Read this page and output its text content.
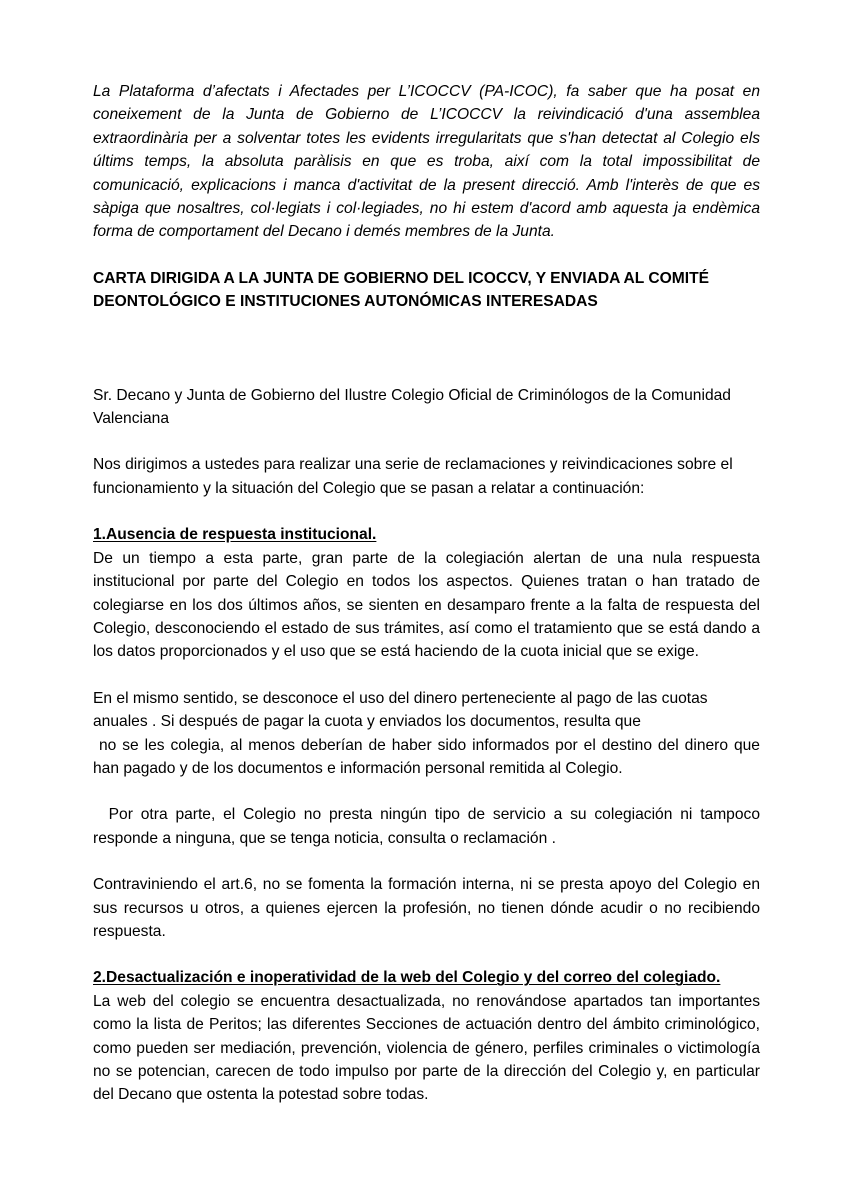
La Plataforma d’afectats i Afectades per L’ICOCCV (PA-ICOC), fa saber que ha posat en coneixement de la Junta de Gobierno de L’ICOCCV la reivindicació d'una assemblea extraordinària per a solventar totes les evidents irregularitats que s'han detectat al Colegio els últims temps, la absoluta paràlisis en que es troba, així com la total impossibilitat de comunicació, explicacions i manca d'activitat de la present direcció. Amb l'interès de que es sàpiga que nosaltres, col·legiats i col·legiades, no hi estem d'acord amb aquesta ja endèmica forma de comportament del Decano i demés membres de la Junta.

CARTA DIRIGIDA A LA JUNTA DE GOBIERNO DEL ICOCCV, Y ENVIADA AL COMITÉ DEONTOLÓGICO E INSTITUCIONES AUTONÓMICAS INTERESADAS

Sr. Decano y Junta de Gobierno del Ilustre Colegio Oficial de Criminólogos de la Comunidad Valenciana

Nos dirigimos a ustedes para realizar una serie de reclamaciones y reivindicaciones sobre el funcionamiento y la situación del Colegio que se pasan a relatar a continuación:

1.Ausencia de respuesta institucional.

De un tiempo a esta parte, gran parte de la colegiación alertan de una nula respuesta institucional por parte del Colegio en todos los aspectos. Quienes tratan o han tratado de colegiarse en los dos últimos años, se sienten en desamparo frente a la falta de respuesta del Colegio, desconociendo el estado de sus trámites, así como el tratamiento que se está dando a los datos proporcionados y el uso que se está haciendo de la cuota inicial que se exige.

En el mismo sentido, se desconoce el uso del dinero perteneciente al pago de las cuotas anuales . Si después de pagar la cuota y enviados los documentos, resulta que
no se les colegia, al menos deberían de haber sido informados por el destino del dinero que han pagado y de los documentos e información personal remitida al Colegio.

Por otra parte, el Colegio no presta ningún tipo de servicio a su colegiación ni tampoco responde a ninguna, que se tenga noticia, consulta o reclamación .

Contraviniendo el art.6, no se fomenta la formación interna, ni se presta apoyo del Colegio en sus recursos u otros, a quienes ejercen la profesión, no tienen dónde acudir o no recibiendo respuesta.

2.Desactualización e inoperatividad de la web del Colegio y del correo del colegiado.

La web del colegio se encuentra desactualizada, no renovándose apartados tan importantes como la lista de Peritos; las diferentes Secciones de actuación dentro del ámbito criminológico, como pueden ser mediación, prevención, violencia de género, perfiles criminales o victimología no se potencian, carecen de todo impulso por parte de la dirección del Colegio y, en particular del Decano que ostenta la potestad sobre todas.
